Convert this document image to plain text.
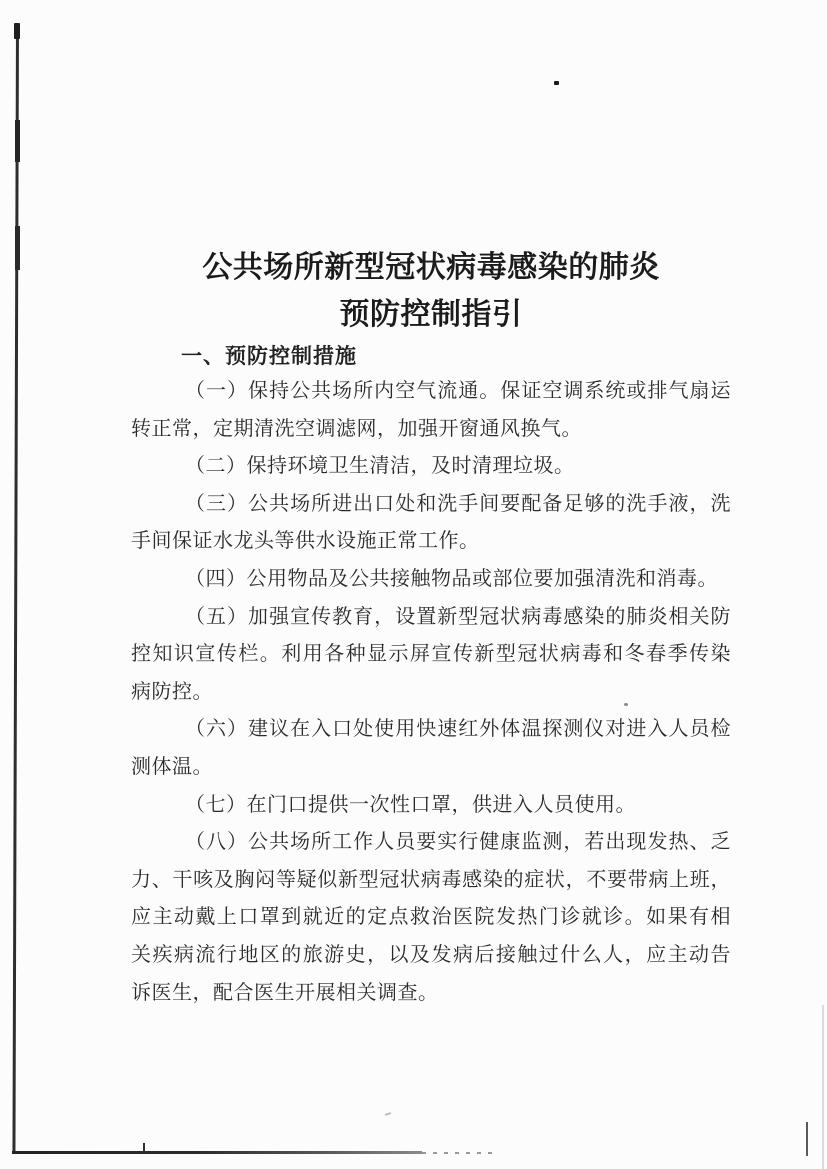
公共场所新型冠状病毒感染的肺炎
预防控制指引
一、预防控制措施
（一）保持公共场所内空气流通。保证空调系统或排气扇运
转正常，定期清洗空调滤网，加强开窗通风换气。
（二）保持环境卫生清洁，及时清理垃圾。
（三）公共场所进出口处和洗手间要配备足够的洗手液，洗
手间保证水龙头等供水设施正常工作。
（四）公用物品及公共接触物品或部位要加强清洗和消毒。
（五）加强宣传教育，设置新型冠状病毒感染的肺炎相关防
控知识宣传栏。利用各种显示屏宣传新型冠状病毒和冬春季传染
病防控。
（六）建议在入口处使用快速红外体温探测仪对进入人员检
测体温。
（七）在门口提供一次性口罩，供进入人员使用。
（八）公共场所工作人员要实行健康监测，若出现发热、乏
力、干咳及胸闷等疑似新型冠状病毒感染的症状，不要带病上班，
应主动戴上口罩到就近的定点救治医院发热门诊就诊。如果有相
关疾病流行地区的旅游史，以及发病后接触过什么人，应主动告
诉医生，配合医生开展相关调查。
